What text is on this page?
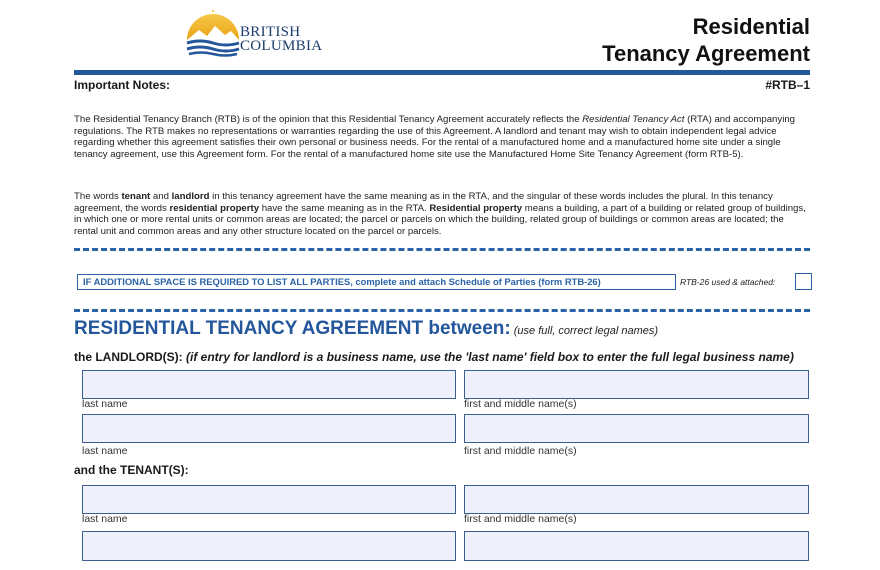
BRITISH
COLUMBIA
Residential
Tenancy Agreement
Important Notes:	#RTB–1
The Residential Tenancy Branch (RTB) is of the opinion that this Residential Tenancy Agreement accurately reflects the Residential Tenancy Act (RTA) and accompanying regulations. The RTB makes no representations or warranties regarding the use of this Agreement. A landlord and tenant may wish to obtain independent legal advice regarding whether this agreement satisfies their own personal or business needs. For the rental of a manufactured home and a manufactured home site under a single tenancy agreement, use this Agreement form. For the rental of a manufactured home site use the Manufactured Home Site Tenancy Agreement (form RTB-5).
The words tenant and landlord in this tenancy agreement have the same meaning as in the RTA, and the singular of these words includes the plural. In this tenancy agreement, the words residential property have the same meaning as in the RTA. Residential property means a building, a part of a building or related group of buildings, in which one or more rental units or common areas are located; the parcel or parcels on which the building, related group of buildings or common areas are located; the rental unit and common areas and any other structure located on the parcel or parcels.
IF ADDITIONAL SPACE IS REQUIRED TO LIST ALL PARTIES, complete and attach Schedule of Parties (form RTB-26)	RTB-26 used & attached:
RESIDENTIAL TENANCY AGREEMENT between: (use full, correct legal names)
the LANDLORD(S): (if entry for landlord is a business name, use the 'last name' field box to enter the full legal business name)
last name	first and middle name(s)
last name	first and middle name(s)
and the TENANT(S):
last name	first and middle name(s)
